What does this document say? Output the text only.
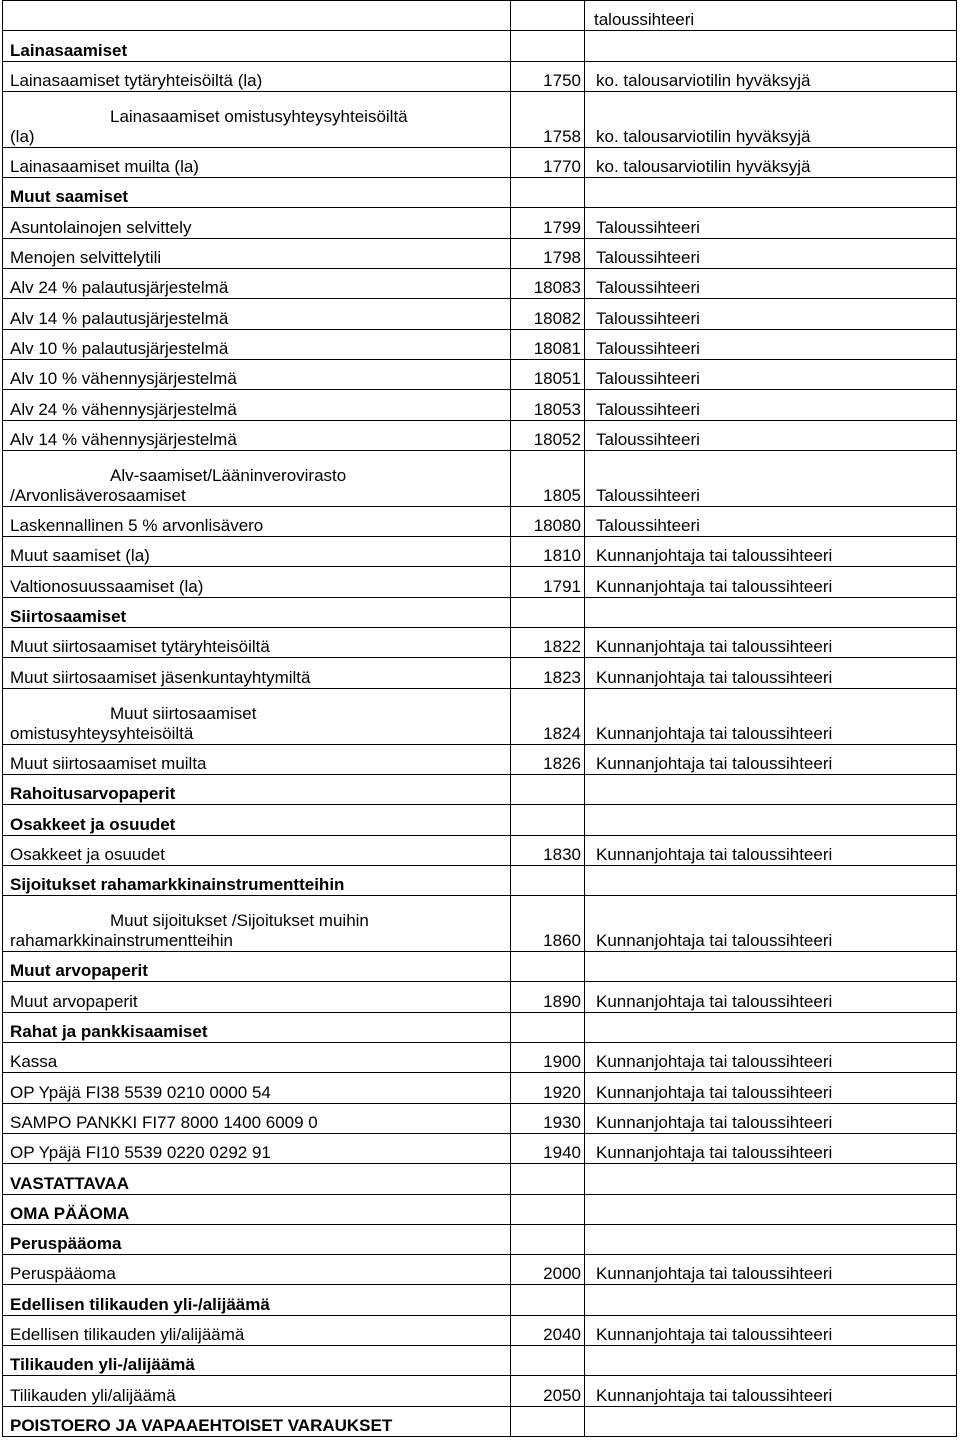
		taloussihteeri
Lainasaamiset		
Lainasaamiset tytäryhteisöiltä (la)	1750	ko. talousarviotilin hyväksyjä

Lainasaamiset omistusyhteysyhteisöiltä
(la)	1758	ko. talousarviotilin hyväksyjä
Lainasaamiset muilta (la)	1770	ko. talousarviotilin hyväksyjä
Muut saamiset		
Asuntolainojen selvittely	1799	Taloussihteeri
Menojen selvittelytili	1798	Taloussihteeri
Alv 24 % palautusjärjestelmä	18083	Taloussihteeri
Alv 14 % palautusjärjestelmä	18082	Taloussihteeri
Alv 10 % palautusjärjestelmä	18081	Taloussihteeri
Alv 10 % vähennysjärjestelmä	18051	Taloussihteeri
Alv 24 % vähennysjärjestelmä	18053	Taloussihteeri
Alv 14 % vähennysjärjestelmä	18052	Taloussihteeri

Alv-saamiset/Lääninverovirasto
/Arvonlisäverosaamiset	1805	Taloussihteeri
Laskennallinen 5 % arvonlisävero	18080	Taloussihteeri
Muut saamiset (la)	1810	Kunnanjohtaja tai taloussihteeri
Valtionosuussaamiset (la)	1791	Kunnanjohtaja tai taloussihteeri
Siirtosaamiset		
Muut siirtosaamiset tytäryhteisöiltä	1822	Kunnanjohtaja tai taloussihteeri
Muut siirtosaamiset jäsenkuntayhtymiltä	1823	Kunnanjohtaja tai taloussihteeri

Muut siirtosaamiset
omistusyhteysyhteisöiltä	1824	Kunnanjohtaja tai taloussihteeri
Muut siirtosaamiset muilta	1826	Kunnanjohtaja tai taloussihteeri
Rahoitusarvopaperit		
Osakkeet ja osuudet		
Osakkeet ja osuudet	1830	Kunnanjohtaja tai taloussihteeri
Sijoitukset rahamarkkinainstrumentteihin		

Muut sijoitukset /Sijoitukset muihin
rahamarkkinainstrumentteihin	1860	Kunnanjohtaja tai taloussihteeri
Muut arvopaperit		
Muut arvopaperit	1890	Kunnanjohtaja tai taloussihteeri
Rahat ja pankkisaamiset		
Kassa	1900	Kunnanjohtaja tai taloussihteeri
OP Ypäjä FI38 5539 0210 0000 54	1920	Kunnanjohtaja tai taloussihteeri
SAMPO PANKKI FI77 8000 1400 6009 0	1930	Kunnanjohtaja tai taloussihteeri
OP Ypäjä FI10 5539 0220 0292 91	1940	Kunnanjohtaja tai taloussihteeri
VASTATTAVAA		
OMA PÄÄOMA		
Peruspääoma		
Peruspääoma	2000	Kunnanjohtaja tai taloussihteeri
Edellisen tilikauden yli-/alijäämä		
Edellisen tilikauden yli/alijäämä	2040	Kunnanjohtaja tai taloussihteeri
Tilikauden yli-/alijäämä		
Tilikauden yli/alijäämä	2050	Kunnanjohtaja tai taloussihteeri
POISTOERO JA VAPAAEHTOISET VARAUKSET		
